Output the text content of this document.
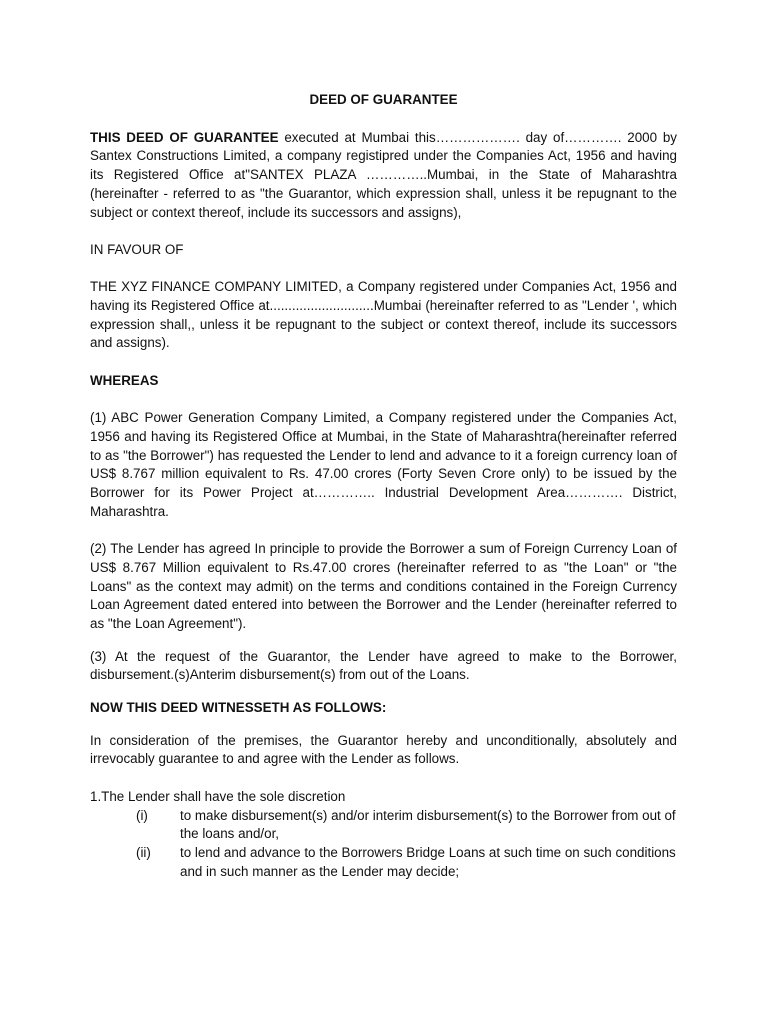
DEED OF GUARANTEE

THIS DEED OF GUARANTEE executed at Mumbai this………………. day of…………. 2000 by Santex Constructions Limited, a company registipred under the Companies Act, 1956 and having its Registered Office at"SANTEX PLAZA …………..Mumbai, in the State of Maharashtra (hereinafter - referred to as "the Guarantor, which expression shall, unless it be repugnant to the subject or context thereof, include its successors and assigns),

IN FAVOUR OF

THE XYZ FINANCE COMPANY LIMITED, a Company registered under Companies Act, 1956 and having its Registered Office at............................Mumbai (hereinafter referred to as "Lender ', which expression shall,, unless it be repugnant to the subject or context thereof, include its successors and assigns).

WHEREAS

(1) ABC Power Generation Company Limited, a Company registered under the Companies Act, 1956 and having its Registered Office at Mumbai, in the State of Maharashtra(hereinafter referred to as "the Borrower") has requested the Lender to lend and advance to it a foreign currency loan of US$ 8.767 million equivalent to Rs. 47.00 crores (Forty Seven Crore only) to be issued by the Borrower for its Power Project at………….. Industrial Development Area…………. District, Maharashtra.

(2) The Lender has agreed In principle to provide the Borrower a sum of Foreign Currency Loan of US$ 8.767 Million equivalent to Rs.47.00 crores (hereinafter referred to as "the Loan" or "the Loans" as the context may admit) on the terms and conditions contained in the Foreign Currency Loan Agreement dated entered into between the Borrower and the Lender (hereinafter referred to as "the Loan Agreement").

(3) At the request of the Guarantor, the Lender have agreed to make to the Borrower, disbursement.(s)Anterim disbursement(s) from out of the Loans.

NOW THIS DEED WITNESSETH AS FOLLOWS:

In consideration of the premises, the Guarantor hereby and unconditionally, absolutely and irrevocably guarantee to and agree with the Lender as follows.

1.The Lender shall have the sole discretion

(i)	to make disbursement(s) and/or interim disbursement(s) to the Borrower from out of the loans and/or,
(ii)	to lend and advance to the Borrowers Bridge Loans at such time on such conditions and in such manner as the Lender may decide;
